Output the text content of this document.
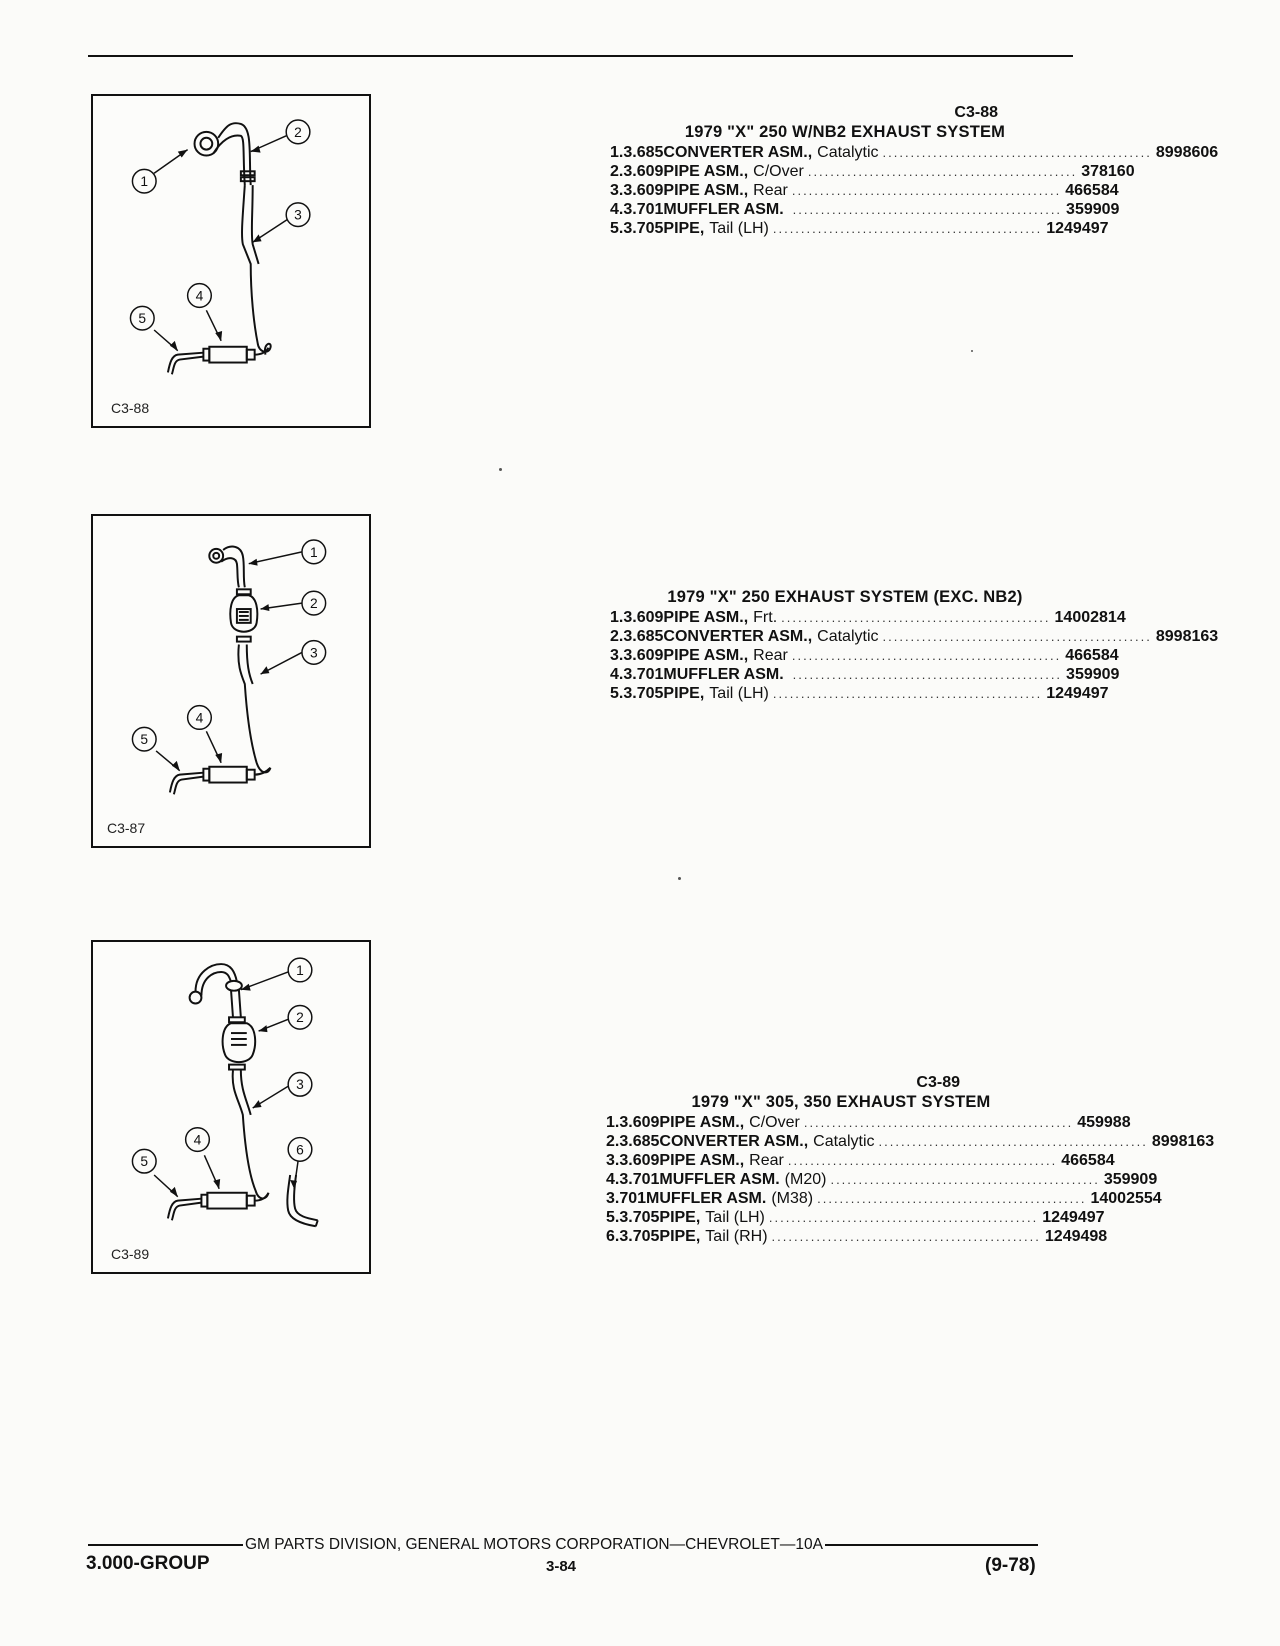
1
2
3
4
5
C3-88
1
2
3
4
5
C3-87
1
2
3
4
6
5
C3-89
C3-88
1979 "X" 250 W/NB2 EXHAUST SYSTEM
1. 3.685 CONVERTER ASM., Catalytic ................................................ 8998606
2. 3.609 PIPE ASM., C/Over ................................................ 378160
3. 3.609 PIPE ASM., Rear ................................................ 466584
4. 3.701 MUFFLER ASM. ................................................ 359909
5. 3.705 PIPE, Tail (LH) ................................................ 1249497
1979 "X" 250 EXHAUST SYSTEM (EXC. NB2)
1. 3.609 PIPE ASM., Frt. ................................................ 14002814
2. 3.685 CONVERTER ASM., Catalytic ................................................ 8998163
3. 3.609 PIPE ASM., Rear ................................................ 466584
4. 3.701 MUFFLER ASM. ................................................ 359909
5. 3.705 PIPE, Tail (LH) ................................................ 1249497
C3-89
1979 "X" 305, 350 EXHAUST SYSTEM
1. 3.609 PIPE ASM., C/Over ................................................ 459988
2. 3.685 CONVERTER ASM., Catalytic ................................................ 8998163
3. 3.609 PIPE ASM., Rear ................................................ 466584
4. 3.701 MUFFLER ASM. (M20) ................................................ 359909
3.701 MUFFLER ASM. (M38) ................................................ 14002554
5. 3.705 PIPE, Tail (LH) ................................................ 1249497
6. 3.705 PIPE, Tail (RH) ................................................ 1249498
GM PARTS DIVISION, GENERAL MOTORS CORPORATION—CHEVROLET—10A
3.000-GROUP	3-84	(9-78)
